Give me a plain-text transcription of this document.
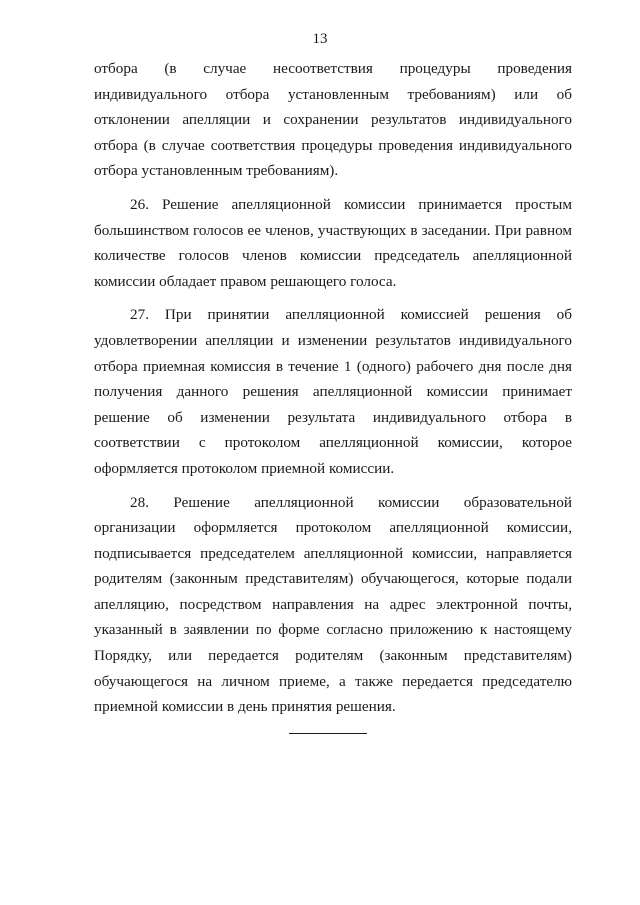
13

отбора (в случае несоответствия процедуры проведения индивидуального отбора установленным требованиям) или об отклонении апелляции и сохранении результатов индивидуального отбора (в случае соответствия процедуры проведения индивидуального отбора установленным требованиям).

26. Решение апелляционной комиссии принимается простым большинством голосов ее членов, участвующих в заседании. При равном количестве голосов членов комиссии председатель апелляционной комиссии обладает правом решающего голоса.

27. При принятии апелляционной комиссией решения об удовлетворении апелляции и изменении результатов индивидуального отбора приемная комиссия в течение 1 (одного) рабочего дня после дня получения данного решения апелляционной комиссии принимает решение об изменении результата индивидуального отбора в соответствии с протоколом апелляционной комиссии, которое оформляется протоколом приемной комиссии.

28. Решение апелляционной комиссии образовательной организации оформляется протоколом апелляционной комиссии, подписывается председателем апелляционной комиссии, направляется родителям (законным представителям) обучающегося, которые подали апелляцию, посредством направления на адрес электронной почты, указанный в заявлении по форме согласно приложению к настоящему Порядку, или передается родителям (законным представителям) обучающегося на личном приеме, а также передается председателю приемной комиссии в день принятия решения.
